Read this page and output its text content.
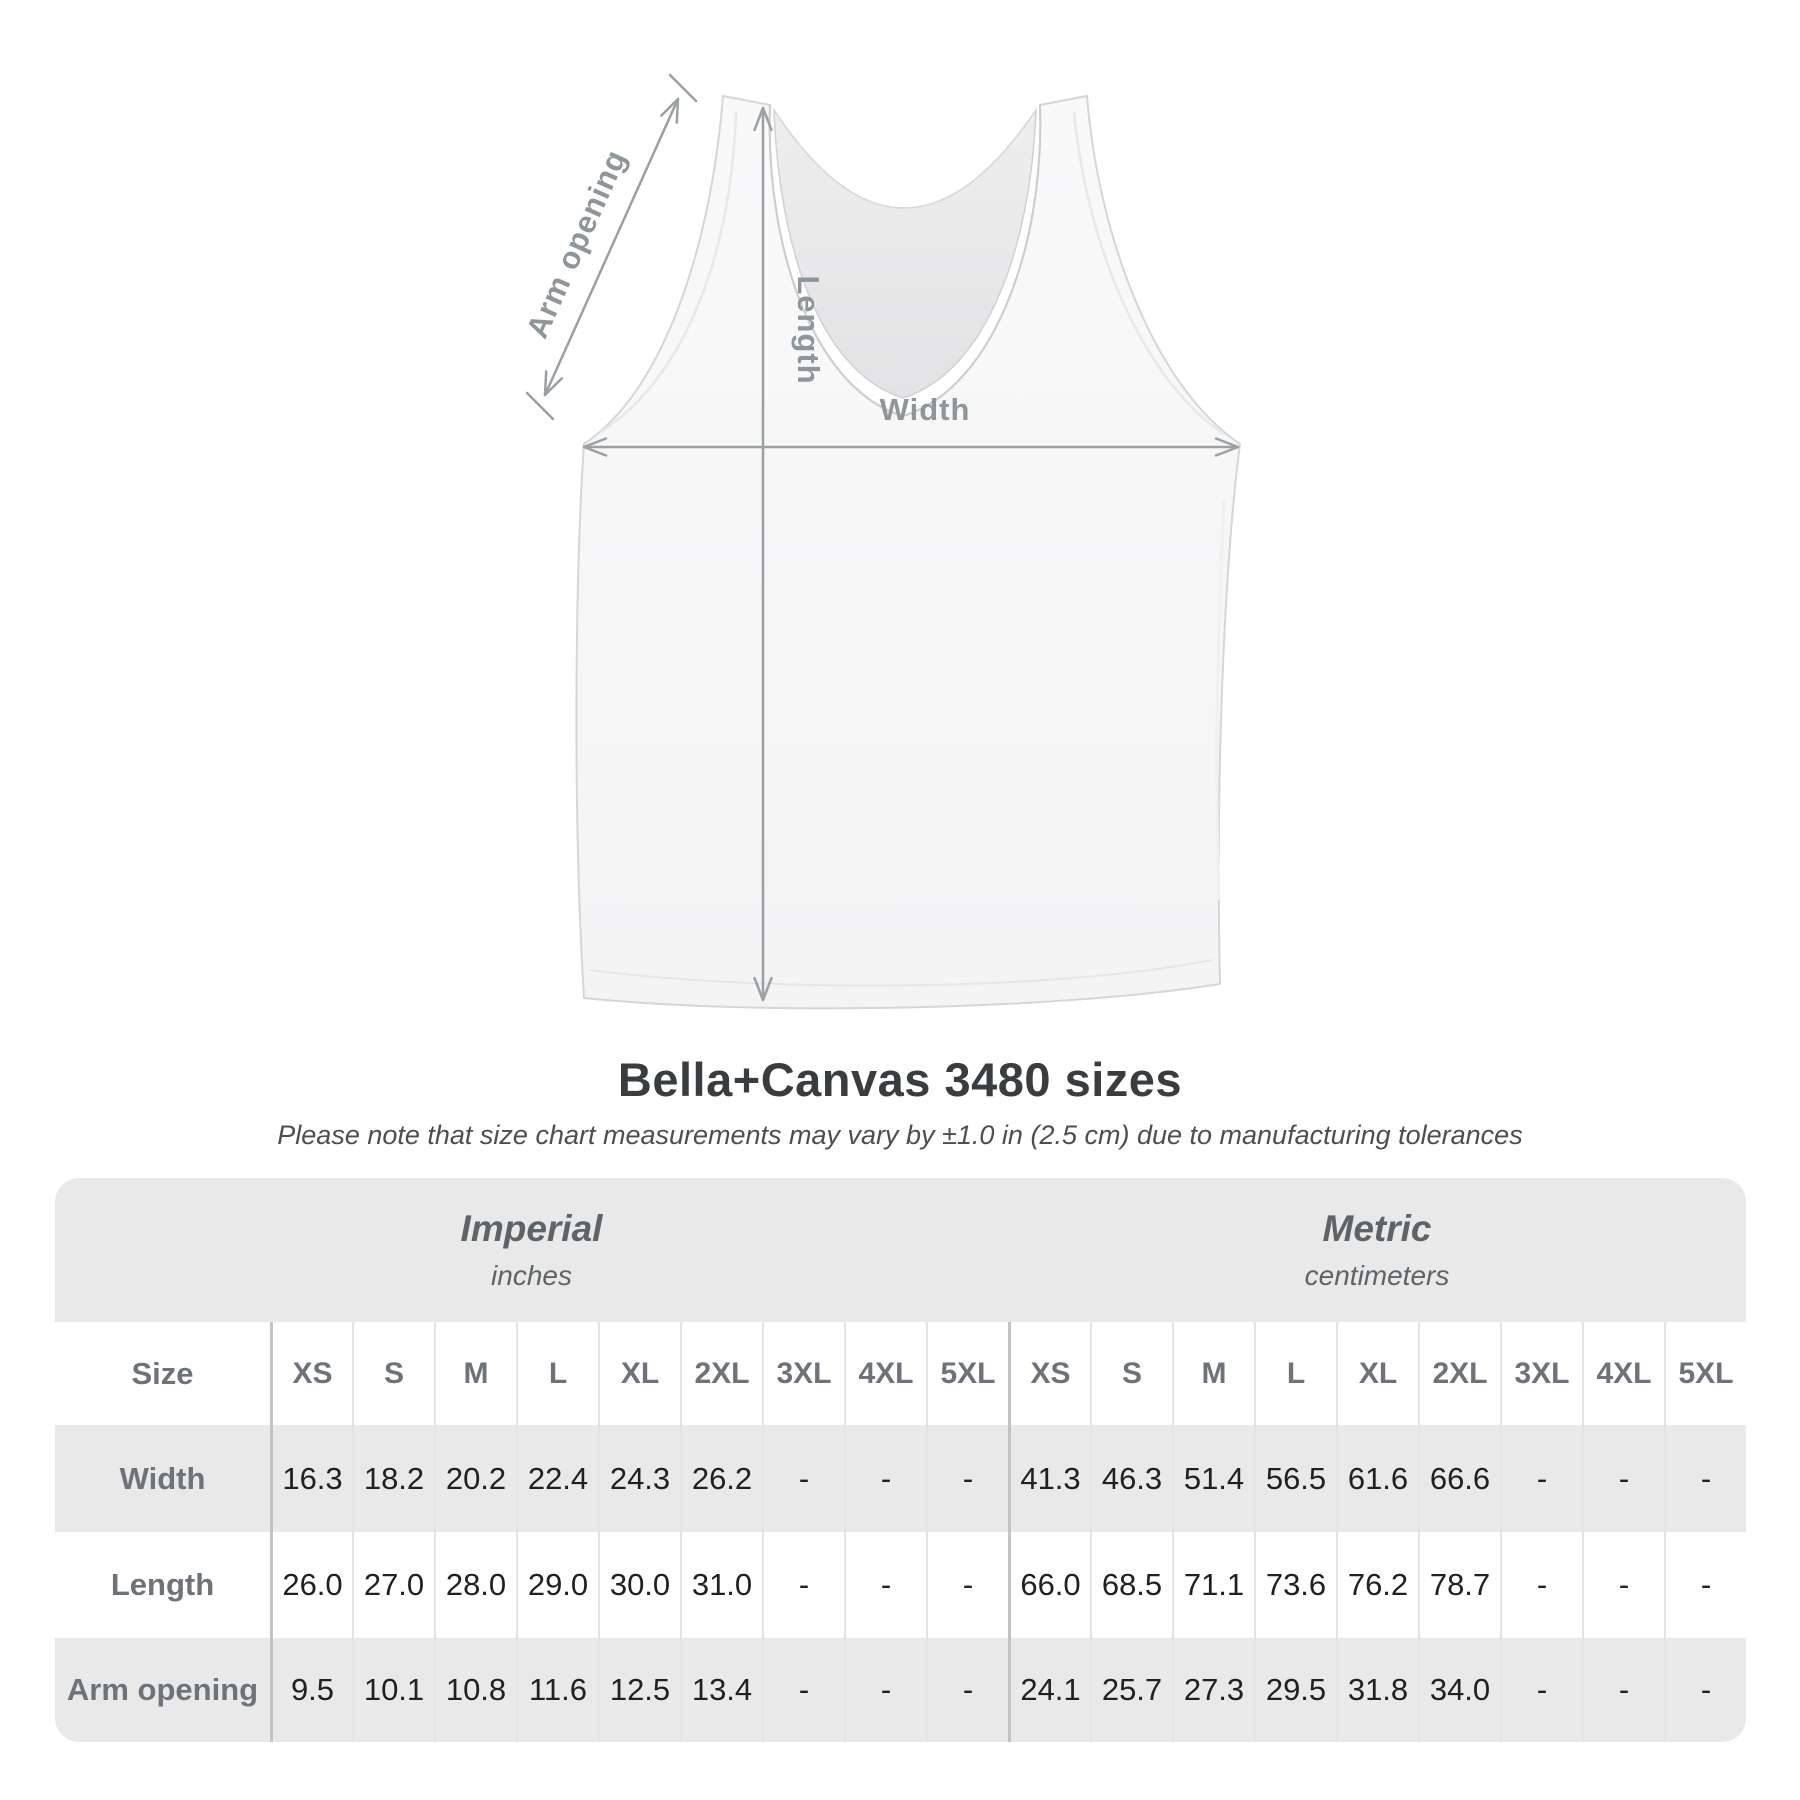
Arm opening	Length
Width
Bella+Canvas 3480 sizes
Please note that size chart measurements may vary by ±1.0 in (2.5 cm) due to manufacturing tolerances
Imperial
inches
Metric
centimeters
Size	XS	S	M	L	XL	2XL 3XL 4XL 5XL	XS	S	M	L	XL	2XL 3XL 4XL 5XL
Width	16.3 18.2 20.2 22.4 24.3 26.2	-	-	-	41.3 46.3 51.4 56.5 61.6 66.6	-	-	-
Length	26.0 27.0 28.0 29.0 30.0 31.0	-	-	-	66.0 68.5 71.1 73.6 76.2 78.7	-	-	-
Arm opening	9.5 10.1 10.8 11.6 12.5 13.4	-	-	-	24.1 25.7 27.3 29.5 31.8 34.0	-	-	-
